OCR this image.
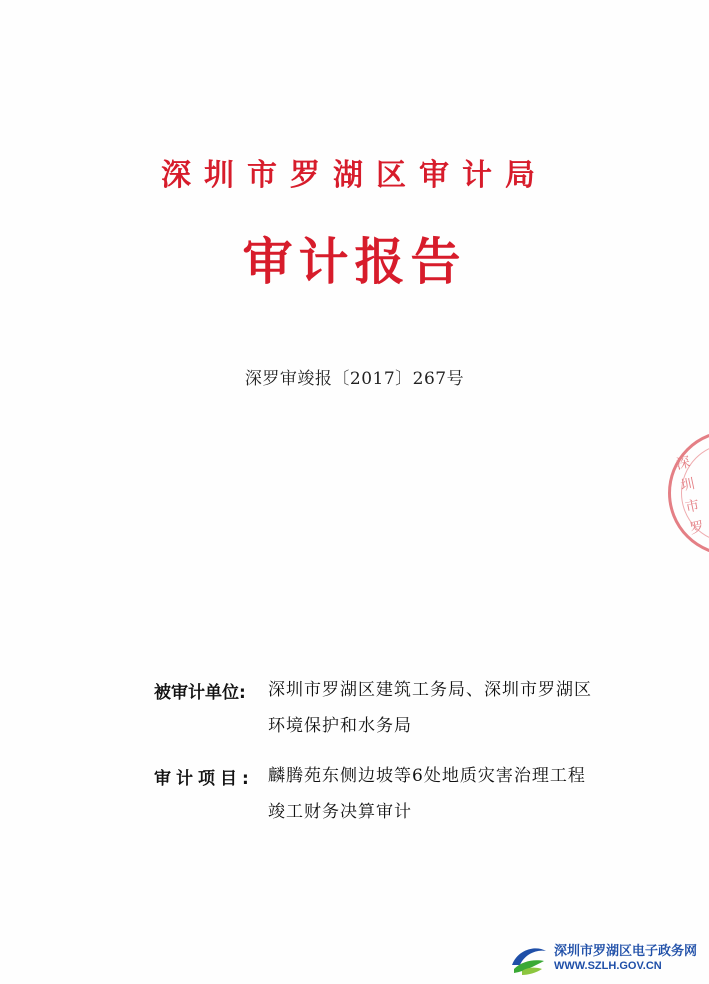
深圳市罗湖区审计局
审计报告
深罗审竣报〔2017〕267号
深圳市罗
被审计单位:	深圳市罗湖区建筑工务局、深圳市罗湖区
环境保护和水务局
审计项目: 麟腾苑东侧边坡等6处地质灾害治理工程
竣工财务决算审计
深圳市罗湖区电子政务网
WWW.SZLH.GOV.CN
